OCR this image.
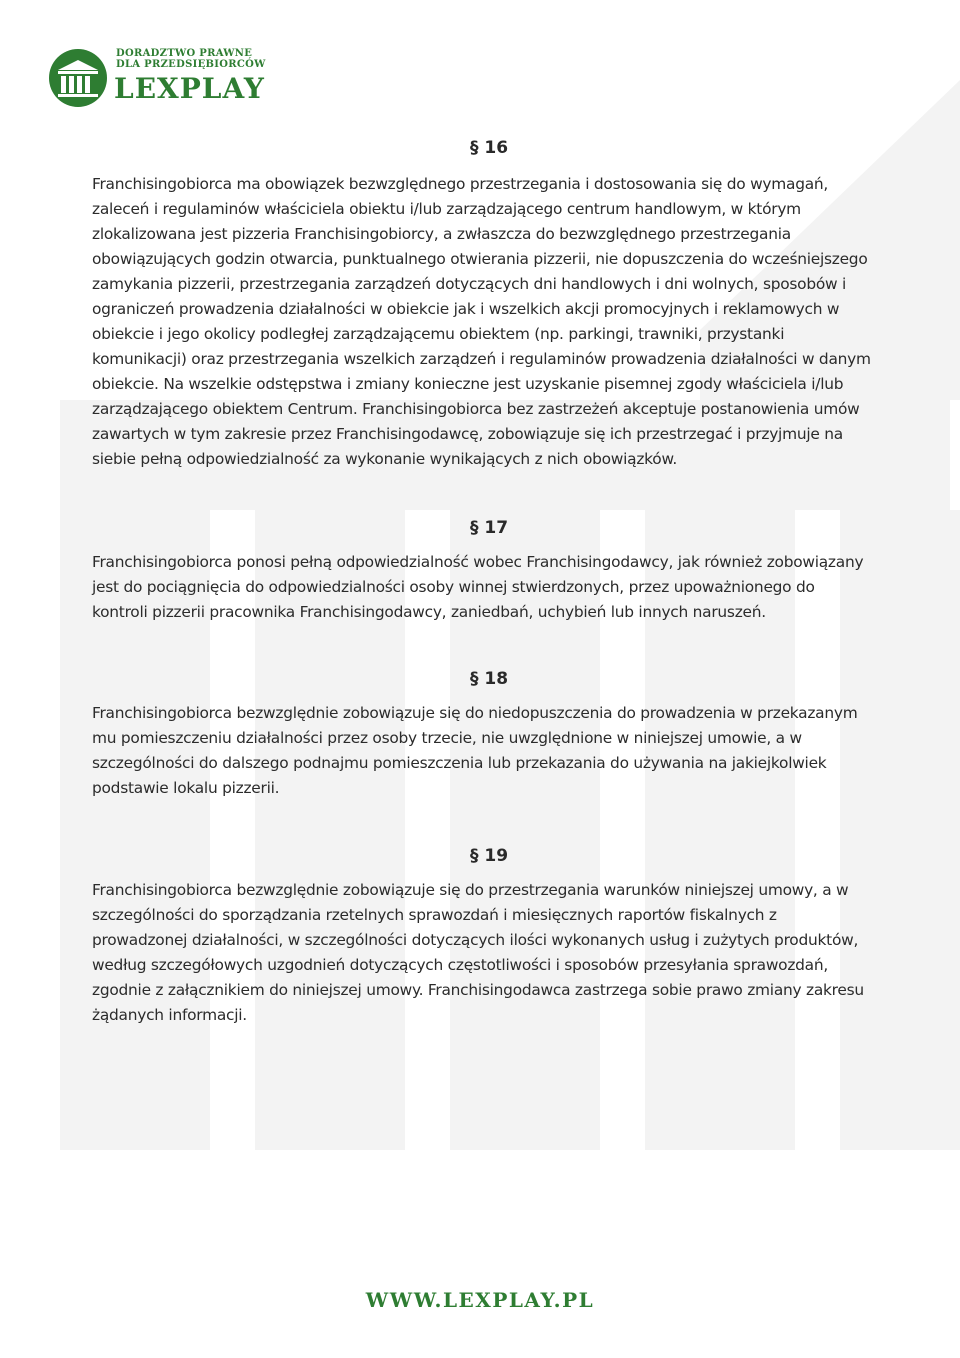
DORADZTWO PRAWNE
DLA PRZEDSIĘBIORCÓW
LEXPLAY
§ 16

Franchisingobiorca ma obowiązek bezwzględnego przestrzegania i dostosowania się do wymagań, zaleceń i regulaminów właściciela obiektu i/lub zarządzającego centrum handlowym, w którym zlokalizowana jest pizzeria Franchisingobiorcy, a zwłaszcza do bezwzględnego przestrzegania obowiązujących godzin otwarcia, punktualnego otwierania pizzerii, nie dopuszczenia do wcześniejszego zamykania pizzerii, przestrzegania zarządzeń dotyczących dni handlowych i dni wolnych, sposobów i ograniczeń prowadzenia działalności w obiekcie jak i wszelkich akcji promocyjnych i reklamowych w obiekcie i jego okolicy podległej zarządzającemu obiektem (np. parkingi, trawniki, przystanki komunikacji) oraz przestrzegania wszelkich zarządzeń i regulaminów prowadzenia działalności w danym obiekcie. Na wszelkie odstępstwa i zmiany konieczne jest uzyskanie pisemnej zgody właściciela i/lub zarządzającego obiektem Centrum. Franchisingobiorca bez zastrzeżeń akceptuje postanowienia umów zawartych w tym zakresie przez Franchisingodawcę, zobowiązuje się ich przestrzegać i przyjmuje na siebie pełną odpowiedzialność za wykonanie wynikających z nich obowiązków.

§ 17

Franchisingobiorca ponosi pełną odpowiedzialność wobec Franchisingodawcy, jak również zobowiązany jest do pociągnięcia do odpowiedzialności osoby winnej stwierdzonych, przez upoważnionego do kontroli pizzerii pracownika Franchisingodawcy, zaniedbań, uchybień lub innych naruszeń.

§ 18

Franchisingobiorca bezwzględnie zobowiązuje się do niedopuszczenia do prowadzenia w przekazanym mu pomieszczeniu działalności przez osoby trzecie, nie uwzględnione w niniejszej umowie, a w szczególności do dalszego podnajmu pomieszczenia lub przekazania do używania na jakiejkolwiek podstawie lokalu pizzerii.

§ 19

Franchisingobiorca bezwzględnie zobowiązuje się do przestrzegania warunków niniejszej umowy, a w szczególności do sporządzania rzetelnych sprawozdań i miesięcznych raportów fiskalnych z prowadzonej działalności, w szczególności dotyczących ilości wykonanych usług i zużytych produktów, według szczegółowych uzgodnień dotyczących częstotliwości i sposobów przesyłania sprawozdań, zgodnie z załącznikiem do niniejszej umowy. Franchisingodawca zastrzega sobie prawo zmiany zakresu żądanych informacji.

WWW.LEXPLAY.PL
